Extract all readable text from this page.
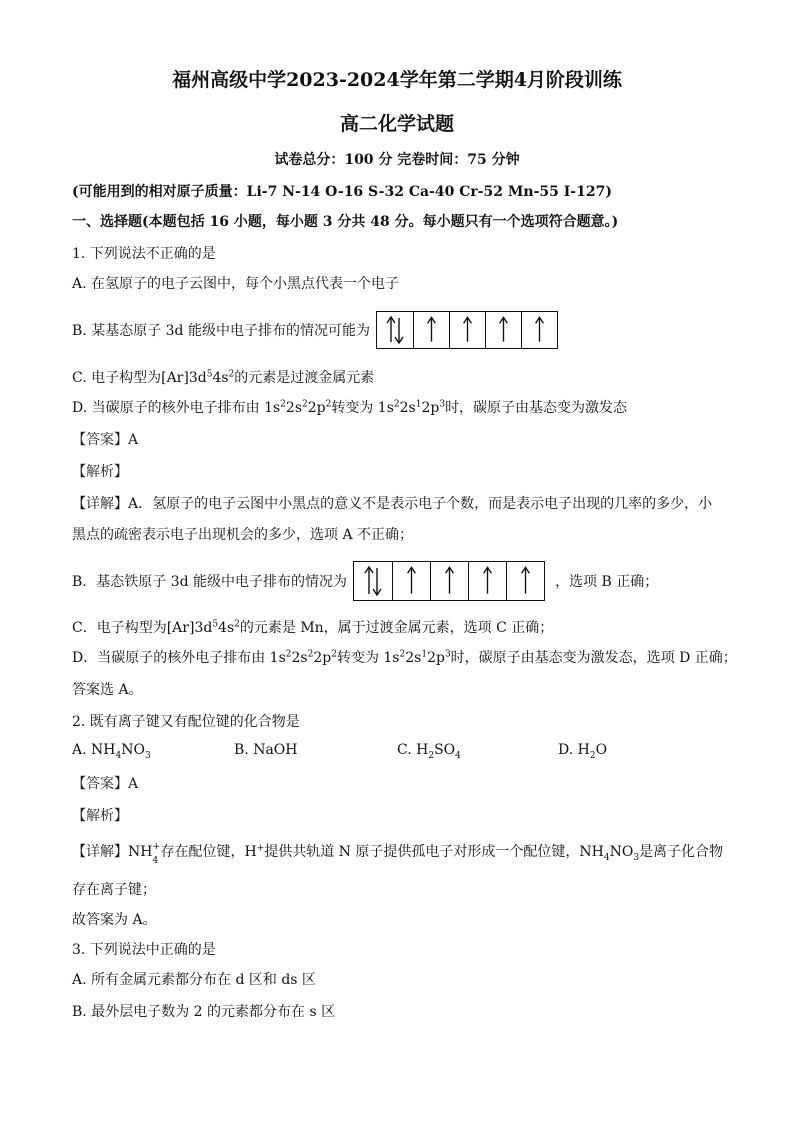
福州高级中学2023-2024学年第二学期4月阶段训练
高二化学试题
试卷总分：100 分 完卷时间：75 分钟
(可能用到的相对原子质量：Li-7 N-14 O-16 S-32 Ca-40 Cr-52 Mn-55 I-127)
一、选择题(本题包括 16 小题，每小题 3 分共 48 分。每小题只有一个选项符合题意。)
1. 下列说法不正确的是
A. 在氢原子的电子云图中，每个小黑点代表一个电子
B. 某基态原子 3d 能级中电子排布的情况可能为
C. 电子构型为$[Ar]3d^54s^2$的元素是过渡金属元素
D. 当碳原子的核外电子排布由 $1s^22s^22p^2$转变为 $1s^22s^12p^3$时，碳原子由基态变为激发态
【答案】A
【解析】
【详解】A．氢原子的电子云图中小黑点的意义不是表示电子个数，而是表示电子出现的几率的多少，小
黑点的疏密表示电子出现机会的多少，选项 A 不正确；
B．基态铁原子 3d 能级中电子排布的情况为	，选项 B 正确；
C．电子构型为$[Ar]3d^54s^2$的元素是 Mn，属于过渡金属元素，选项 C 正确；
D．当碳原子的核外电子排布由 $1s^22s^22p^2$转变为 $1s^22s^12p^3$时，碳原子由基态变为激发态，选项 D 正确；
答案选 A。
2. 既有离子键又有配位键的化合物是
A. $NH_4NO_3$	B. NaOH	C. $H_2SO_4$	D. $H_2O$
【答案】A
【解析】
【详解】NH +
4
存在配位键，H+提供共轨道 N 原子提供孤电子对形成一个配位键，$NH_4NO_3$是离子化合物
存在离子键；
故答案为 A。
3. 下列说法中正确的是
A. 所有金属元素都分布在 d 区和 ds 区
B. 最外层电子数为 2 的元素都分布在 s 区
